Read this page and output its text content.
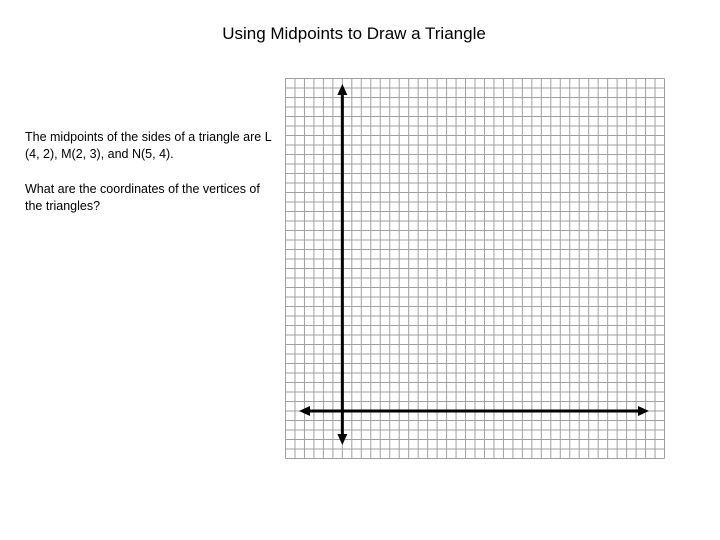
Using Midpoints to Draw a Triangle

The midpoints of the sides of a triangle are L (4, 2), M(2, 3), and N(5, 4).

What are the coordinates of the vertices of the triangles?
